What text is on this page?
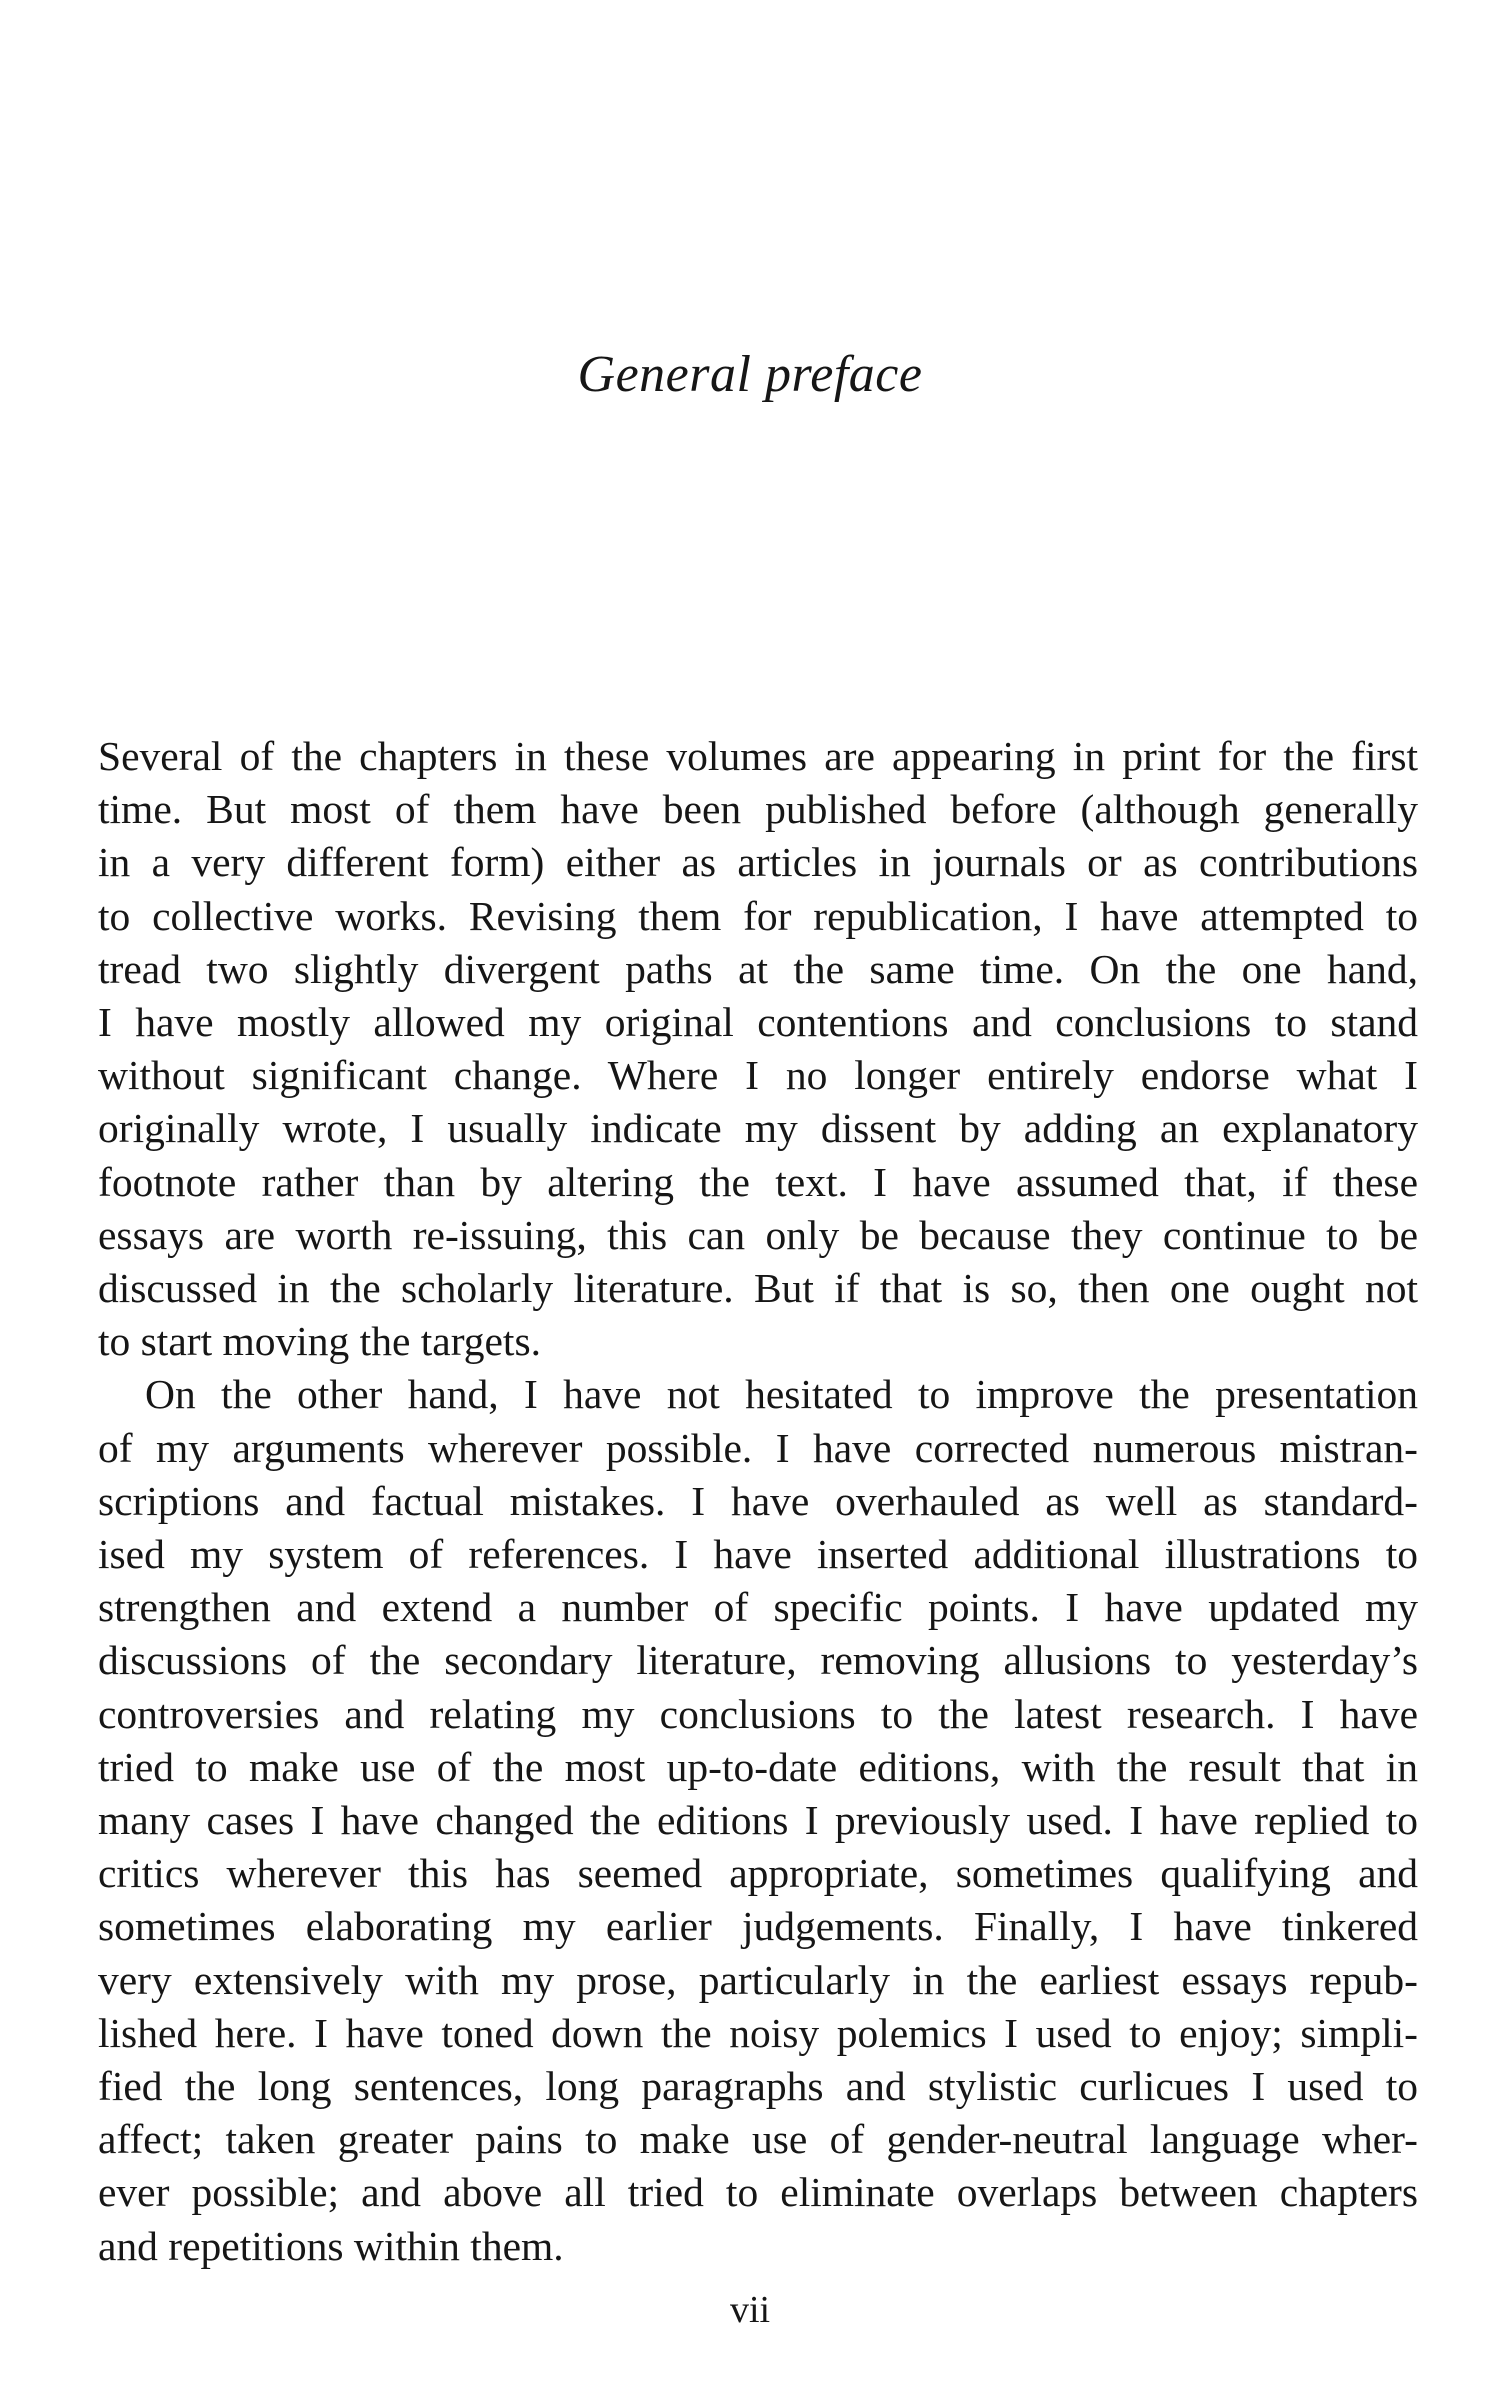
General preface
Several of the chapters in these volumes are appearing in print for the first
time. But most of them have been published before (although generally
in a very different form) either as articles in journals or as contributions
to collective works. Revising them for republication, I have attempted to
tread two slightly divergent paths at the same time. On the one hand,
I have mostly allowed my original contentions and conclusions to stand
without significant change. Where I no longer entirely endorse what I
originally wrote, I usually indicate my dissent by adding an explanatory
footnote rather than by altering the text. I have assumed that, if these
essays are worth re-issuing, this can only be because they continue to be
discussed in the scholarly literature. But if that is so, then one ought not
to start moving the targets.
On the other hand, I have not hesitated to improve the presentation
of my arguments wherever possible. I have corrected numerous mistran-
scriptions and factual mistakes. I have overhauled as well as standard-
ised my system of references. I have inserted additional illustrations to
strengthen and extend a number of specific points. I have updated my
discussions of the secondary literature, removing allusions to yesterday’s
controversies and relating my conclusions to the latest research. I have
tried to make use of the most up-to-date editions, with the result that in
many cases I have changed the editions I previously used. I have replied to
critics wherever this has seemed appropriate, sometimes qualifying and
sometimes elaborating my earlier judgements. Finally, I have tinkered
very extensively with my prose, particularly in the earliest essays repub-
lished here. I have toned down the noisy polemics I used to enjoy; simpli-
fied the long sentences, long paragraphs and stylistic curlicues I used to
affect; taken greater pains to make use of gender-neutral language wher-
ever possible; and above all tried to eliminate overlaps between chapters
and repetitions within them.
vii
